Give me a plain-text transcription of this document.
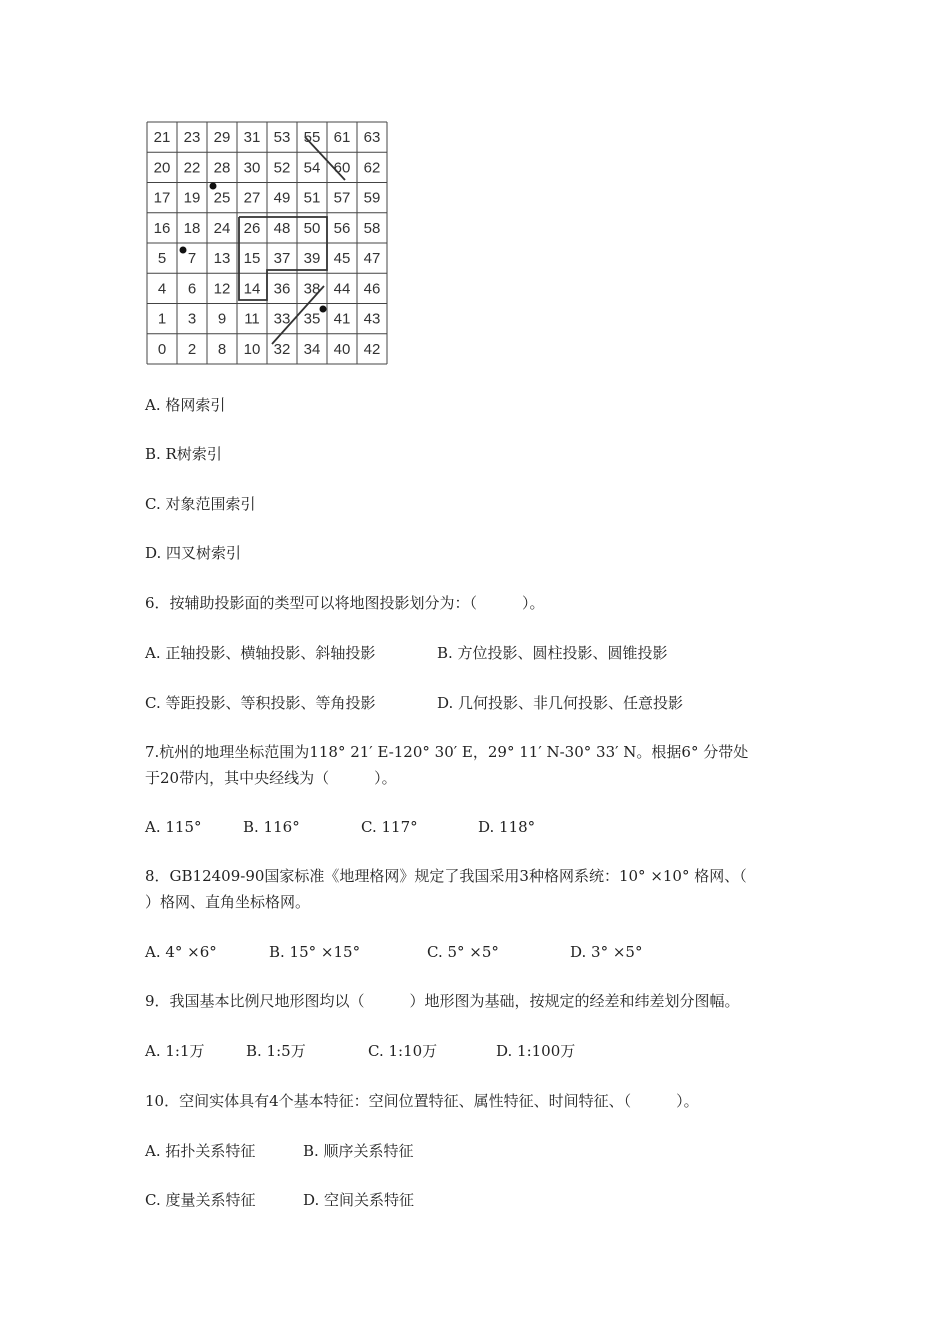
21 23 29 31 53 55 61 63
20 22 28 30 52 54 60 62
17 19 25 27 49 51 57 59
16 18 24 26 48 50 56 58
5 7 13 15 37 39 45 47
4 6 12 14 36 38 44 46
1 3 9 11 33 35 41 43
0 2 8 10 32 34 40 42
A. 格网索引
B. R树索引
C. 对象范围索引
D. 四叉树索引
6．按辅助投影面的类型可以将地图投影划分为：（　　　）。

A. 正轴投影、横轴投影、斜轴投影

	B. 方位投影、圆柱投影、圆锥投影

C. 等距投影、等积投影、等角投影

	D. 几何投影、非几何投影、任意投影

7.杭州的地理坐标范围为118° 21′ E-120° 30′ E，29° 11′ N-30° 33′ N。根据6° 分带处
于20带内，其中央经线为（　　　）。

A. 115°

	B. 116°

	C. 117°

	D. 118°

8．GB12409-90国家标准《地理格网》规定了我国采用3种格网系统：10° ×10° 格网、（
）格网、直角坐标格网。

A. 4° ×6°

	B. 15° ×15°

	C. 5° ×5°

	D. 3° ×5°

9．我国基本比例尺地形图均以（　　　）地形图为基础，按规定的经差和纬差划分图幅。

A. 1:1万

	B. 1:5万

	C. 1:10万

	D. 1:100万

10．空间实体具有4个基本特征：空间位置特征、属性特征、时间特征、（　　　）。

A. 拓扑关系特征

	B. 顺序关系特征

C. 度量关系特征

	D. 空间关系特征
